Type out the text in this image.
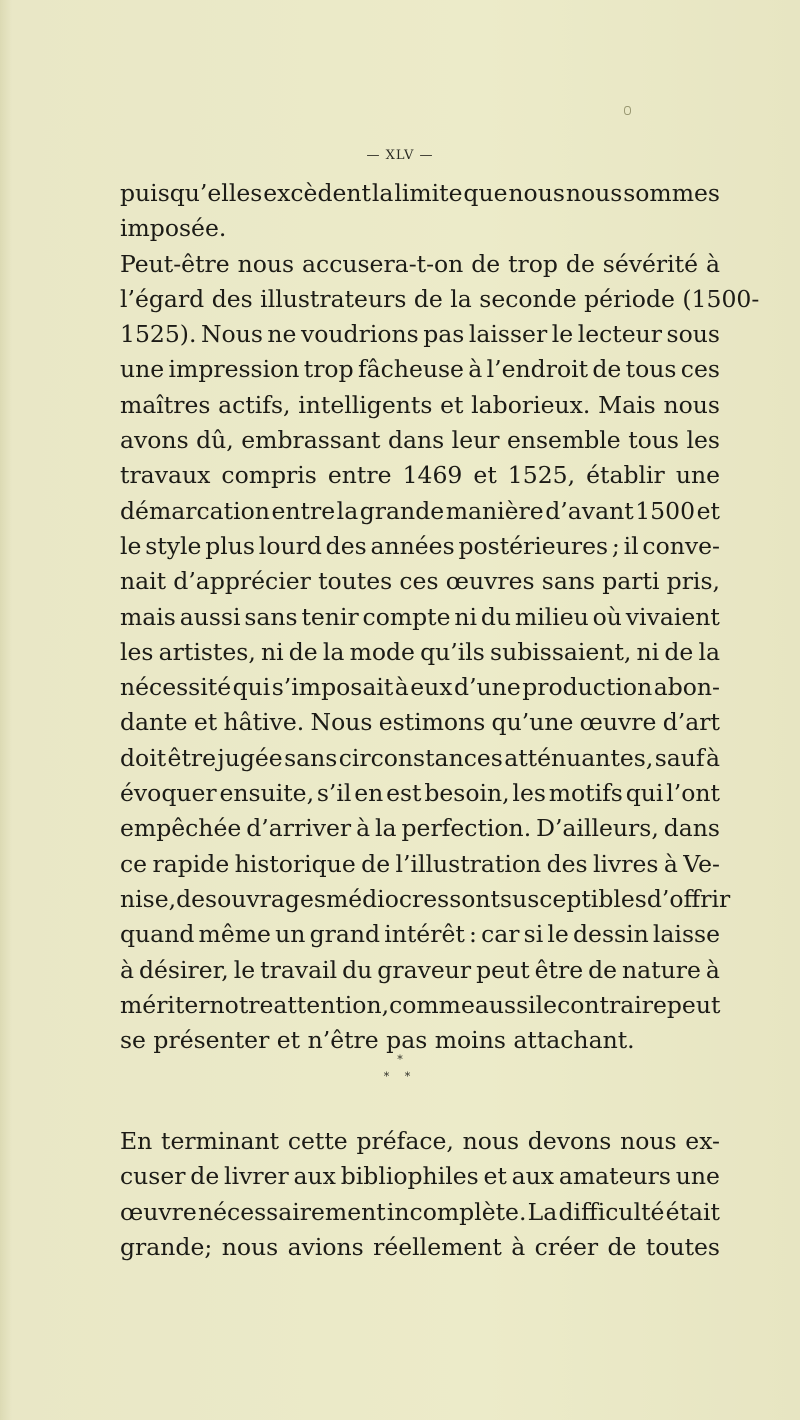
— XLV —
puisqu’elles excèdent la limite que nous nous sommes
imposée.
Peut-être nous accusera-t-on de trop de sévérité à
l’égard des illustrateurs de la seconde période (1500-
1525). Nous ne voudrions pas laisser le lecteur sous
une impression trop fâcheuse à l’endroit de tous ces
maîtres actifs, intelligents et laborieux. Mais nous
avons dû, embrassant dans leur ensemble tous les
travaux compris entre 1469 et 1525, établir une
démarcation entre la grande manière d’avant 1500 et
le style plus lourd des années postérieures ; il conve-
nait d’apprécier toutes ces œuvres sans parti pris,
mais aussi sans tenir compte ni du milieu où vivaient
les artistes, ni de la mode qu’ils subissaient, ni de la
nécessité qui s’imposait à eux d’une production abon-
dante et hâtive. Nous estimons qu’une œuvre d’art
doit être jugée sans circonstances atténuantes, sauf à
évoquer ensuite, s’il en est besoin, les motifs qui l’ont
empêchée d’arriver à la perfection. D’ailleurs, dans
ce rapide historique de l’illustration des livres à Ve-
nise, des ouvrages médiocres sont susceptibles d’offrir
quand même un grand intérêt : car si le dessin laisse
à désirer, le travail du graveur peut être de nature à
mériter notre attention, comme aussi le contraire peut
se présenter et n’être pas moins attachant.
*
* *
En terminant cette préface, nous devons nous ex-
cuser de livrer aux bibliophiles et aux amateurs une
œuvre nécessairement incomplète. La difficulté était
grande; nous avions réellement à créer de toutes
